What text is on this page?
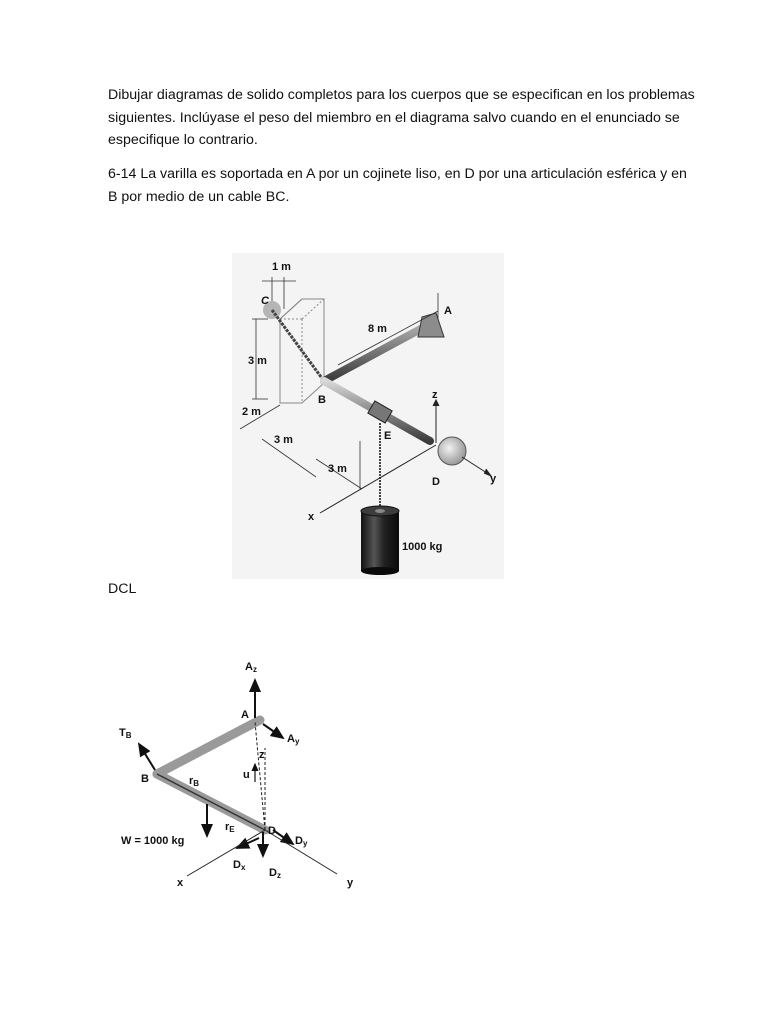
Dibujar diagramas de solido completos para los cuerpos que se especifican en los problemas siguientes. Inclúyase el peso del miembro en el diagrama salvo cuando en el enunciado se especifique lo contrario.

6-14 La varilla es soportada en A por un cojinete liso, en D por una articulación esférica y en B por medio de un cable BC.

1 m
C
8 m
A
3 m
B	z
2 m
E
3 m
3 m
D	y
x
1000 kg
DCL
Az
A
Ay
TB
z
u
B	rB
rE	D
Dy
W = 1000 kg
Dx Dz
x	y
